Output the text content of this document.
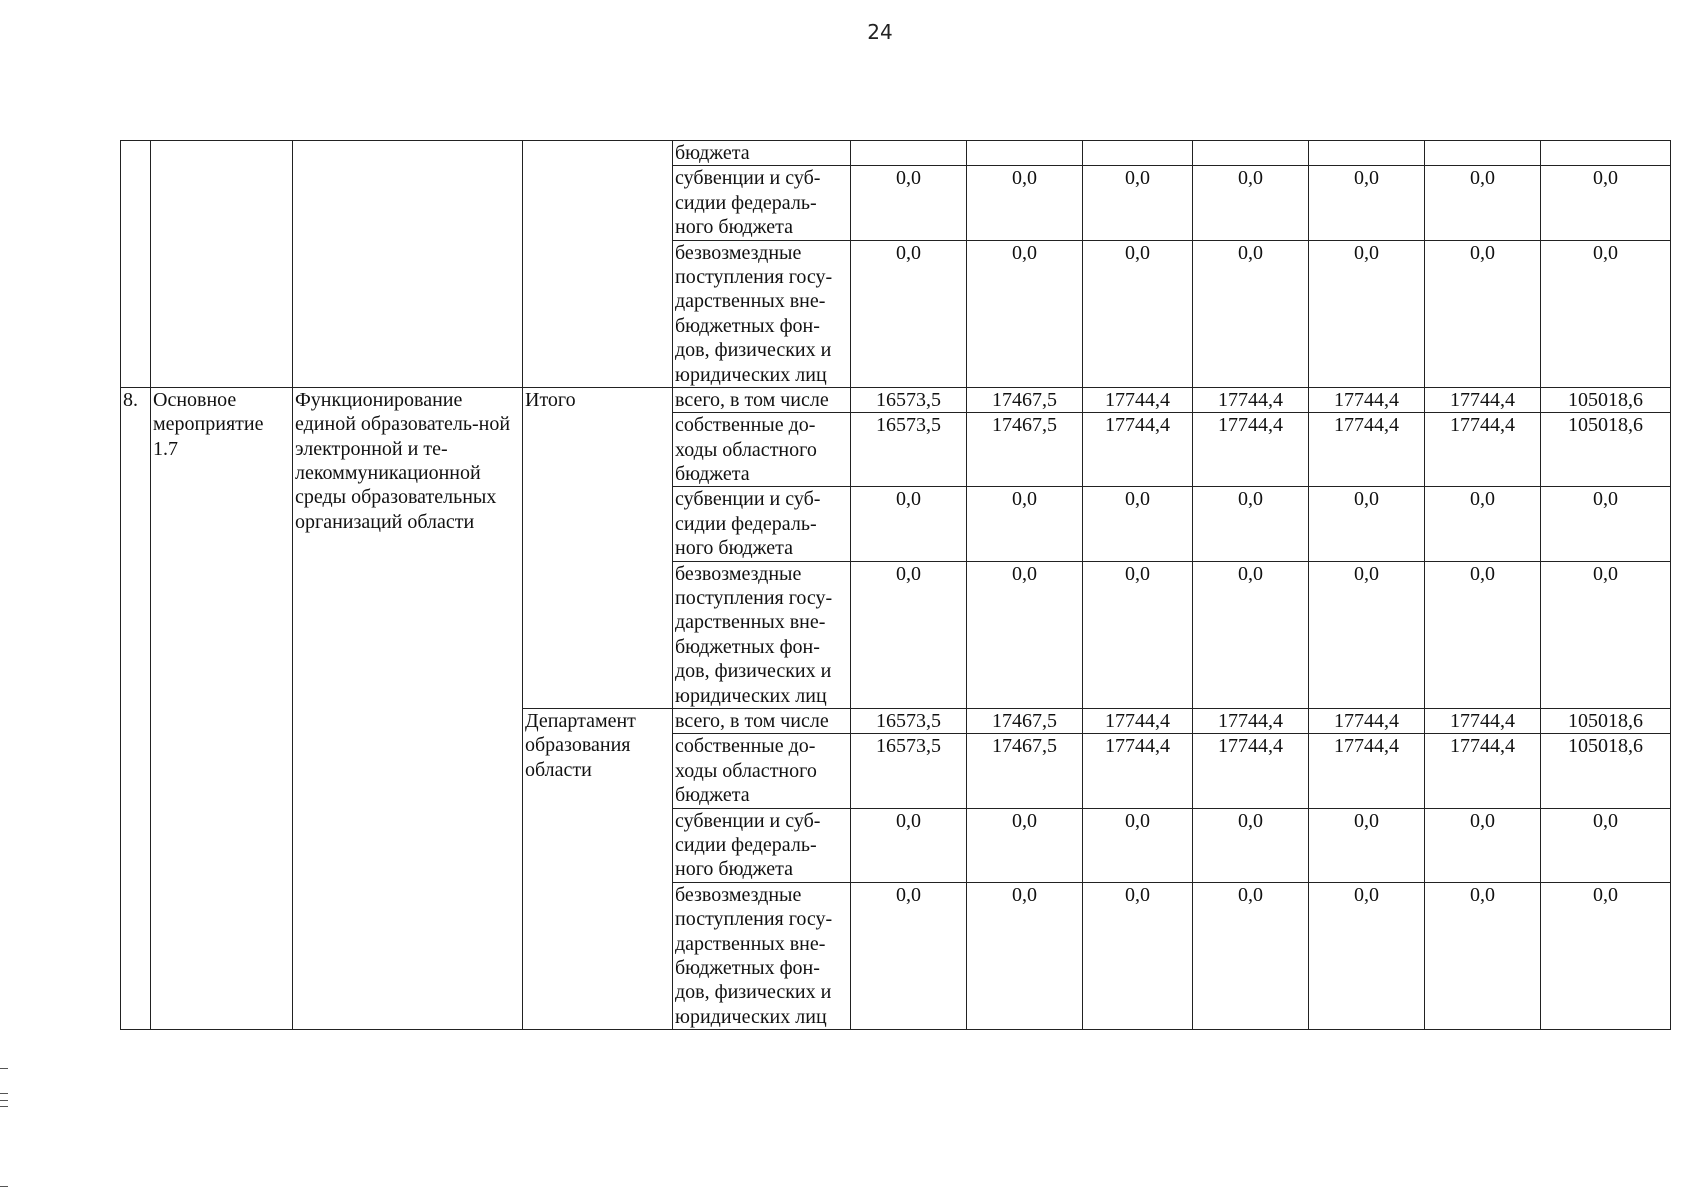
24
				бюджета							
				субвенции и суб-сидии федераль-ного бюджета	0,0	0,0	0,0	0,0	0,0	0,0	0,0
				безвозмездные поступления госу-дарственных вне-бюджетных фон-дов, физических и юридических лиц	0,0	0,0	0,0	0,0	0,0	0,0	0,0
8.	Основное мероприятие 1.7	Функционирование единой образователь-ной электронной и те-лекоммуникационной среды образовательных организаций области	Итого	всего, в том числе	16573,5	17467,5	17744,4	17744,4	17744,4	17744,4	105018,6
				собственные до-ходы областного бюджета	16573,5	17467,5	17744,4	17744,4	17744,4	17744,4	105018,6
				субвенции и суб-сидии федераль-ного бюджета	0,0	0,0	0,0	0,0	0,0	0,0	0,0
				безвозмездные поступления госу-дарственных вне-бюджетных фон-дов, физических и юридических лиц	0,0	0,0	0,0	0,0	0,0	0,0	0,0
			Департамент образования области	всего, в том числе	16573,5	17467,5	17744,4	17744,4	17744,4	17744,4	105018,6
				собственные до-ходы областного бюджета	16573,5	17467,5	17744,4	17744,4	17744,4	17744,4	105018,6
				субвенции и суб-сидии федераль-ного бюджета	0,0	0,0	0,0	0,0	0,0	0,0	0,0
				безвозмездные поступления госу-дарственных вне-бюджетных фон-дов, физических и юридических лиц	0,0	0,0	0,0	0,0	0,0	0,0	0,0
